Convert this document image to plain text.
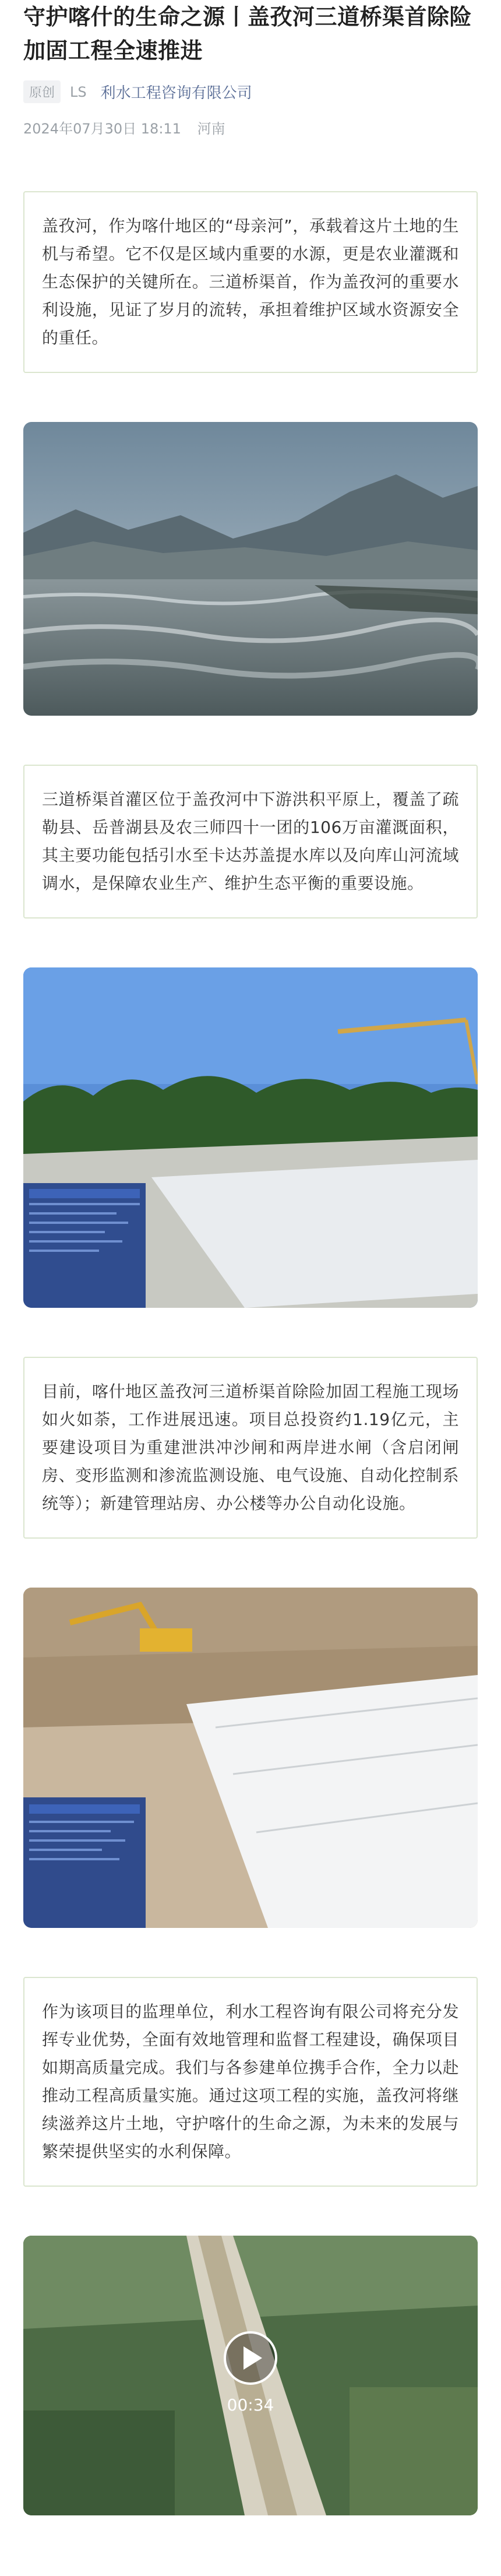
守护喀什的生命之源丨盖孜河三道桥渠首除险加固工程全速推进
原创	LS 利水工程咨询有限公司
2024年07月30日 18:11 河南

盖孜河，作为喀什地区的“母亲河”，承载着这片土地的生机与希望。它不仅是区域内重要的水源，更是农业灌溉和生态保护的关键所在。三道桥渠首，作为盖孜河的重要水利设施，见证了岁月的流转，承担着维护区域水资源安全的重任。

三道桥渠首灌区位于盖孜河中下游洪积平原上，覆盖了疏勒县、岳普湖县及农三师四十一团的106万亩灌溉面积，其主要功能包括引水至卡达苏盖提水库以及向库山河流域调水，是保障农业生产、维护生态平衡的重要设施。

目前，喀什地区盖孜河三道桥渠首除险加固工程施工现场如火如荼，工作进展迅速。项目总投资约1.19亿元，主要建设项目为重建泄洪冲沙闸和两岸进水闸（含启闭闸房、变形监测和渗流监测设施、电气设施、自动化控制系统等）；新建管理站房、办公楼等办公自动化设施。

作为该项目的监理单位，利水工程咨询有限公司将充分发挥专业优势，全面有效地管理和监督工程建设，确保项目如期高质量完成。我们与各参建单位携手合作，全力以赴推动工程高质量实施。通过这项工程的实施，盖孜河将继续滋养这片土地，守护喀什的生命之源，为未来的发展与繁荣提供坚实的水利保障。

00:34
